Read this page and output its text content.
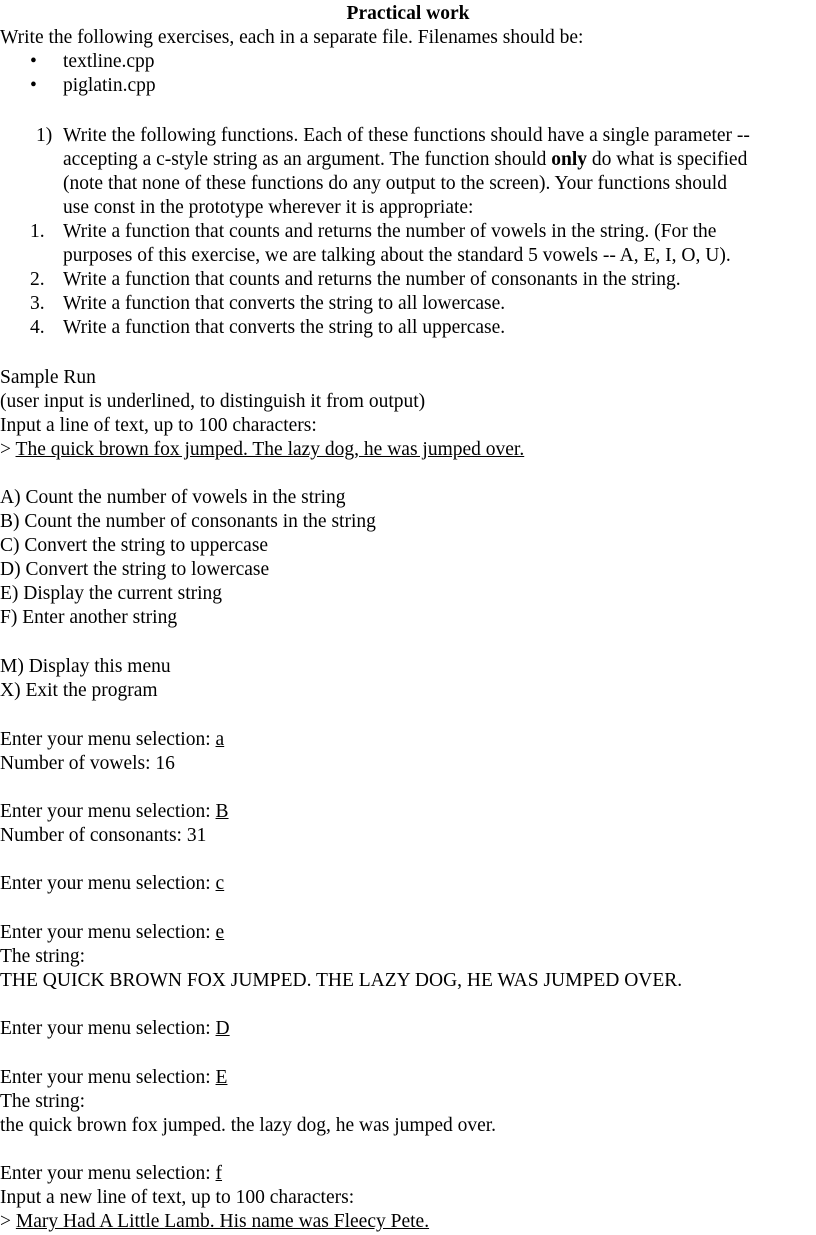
Practical work
Write the following exercises, each in a separate file. Filenames should be:
• textline.cpp
• piglatin.cpp
1) Write the following functions. Each of these functions should have a single parameter --
accepting a c-style string as an argument. The function should only do what is specified
(note that none of these functions do any output to the screen). Your functions should
use const in the prototype wherever it is appropriate:
1. Write a function that counts and returns the number of vowels in the string. (For the
purposes of this exercise, we are talking about the standard 5 vowels -- A, E, I, O, U).
2. Write a function that counts and returns the number of consonants in the string.
3. Write a function that converts the string to all lowercase.
4. Write a function that converts the string to all uppercase.
Sample Run
(user input is underlined, to distinguish it from output)
Input a line of text, up to 100 characters:
> The quick brown fox jumped. The lazy dog, he was jumped over.
A) Count the number of vowels in the string
B) Count the number of consonants in the string
C) Convert the string to uppercase
D) Convert the string to lowercase
E) Display the current string
F) Enter another string
M) Display this menu
X) Exit the program
Enter your menu selection: a
Number of vowels: 16
Enter your menu selection: B
Number of consonants: 31
Enter your menu selection: c
Enter your menu selection: e
The string:
THE QUICK BROWN FOX JUMPED. THE LAZY DOG, HE WAS JUMPED OVER.
Enter your menu selection: D
Enter your menu selection: E
The string:
the quick brown fox jumped. the lazy dog, he was jumped over.
Enter your menu selection: f
Input a new line of text, up to 100 characters:
> Mary Had A Little Lamb. His name was Fleecy Pete.
